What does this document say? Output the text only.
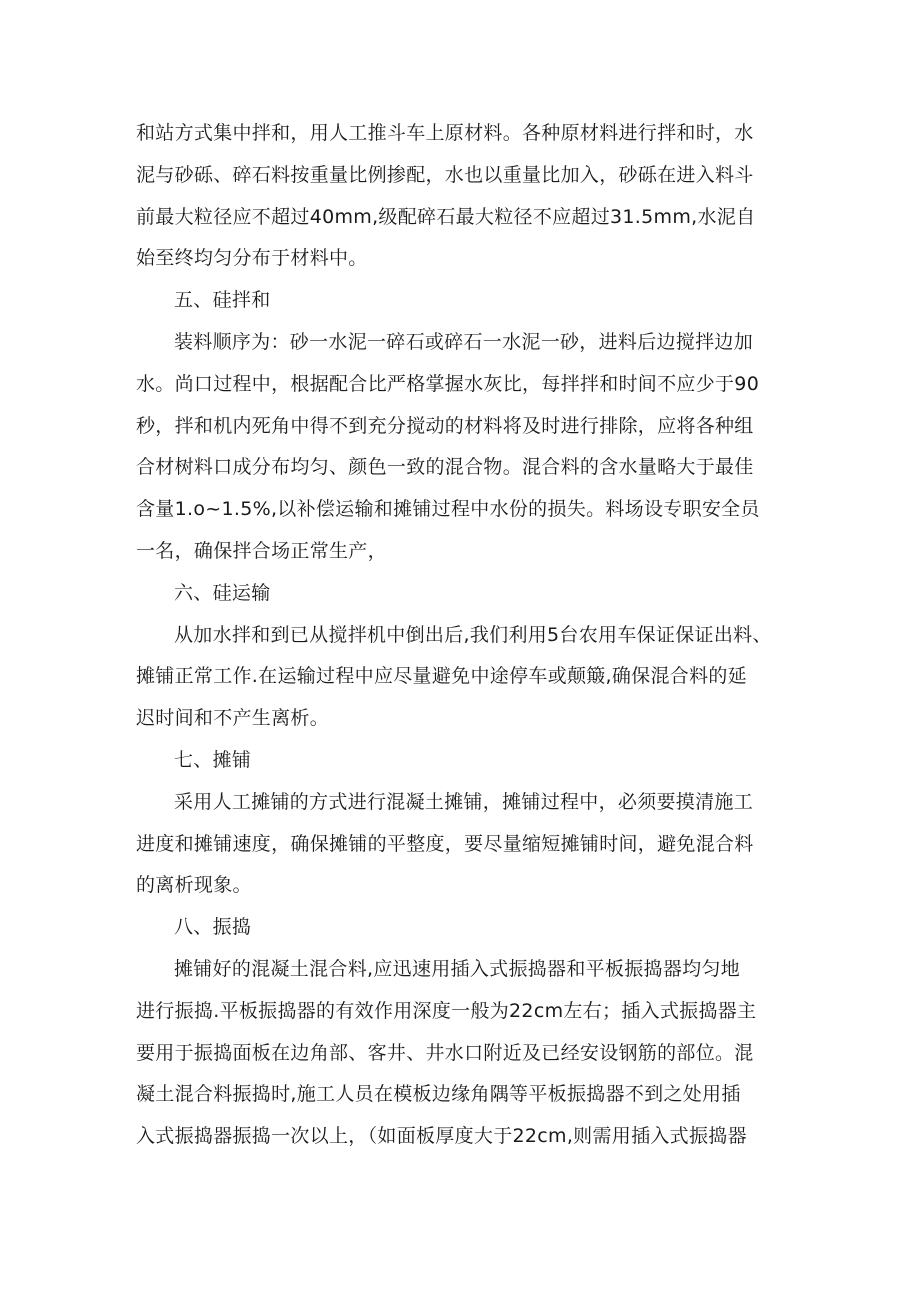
和站方式集中拌和，用人工推斗车上原材料。各种原材料进行拌和时，水
泥与砂砾、碎石料按重量比例掺配，水也以重量比加入，砂砾在进入料斗
前最大粒径应不超过40mm,级配碎石最大粒径不应超过31.5mm,水泥自
始至终均匀分布于材料中。
五、硅拌和
装料顺序为：砂一水泥一碎石或碎石一水泥一砂，进料后边搅拌边加
水。尚口过程中，根据配合比严格掌握水灰比，每拌拌和时间不应少于90
秒，拌和机内死角中得不到充分搅动的材料将及时进行排除，应将各种组
合材树料口成分布均匀、颜色一致的混合物。混合料的含水量略大于最佳
含量1.o~1.5%,以补偿运输和摊铺过程中水份的损失。料场设专职安全员
一名，确保拌合场正常生产，
六、硅运输
从加水拌和到已从搅拌机中倒出后,我们利用5台农用车保证保证出料、
摊铺正常工作.在运输过程中应尽量避免中途停车或颠簸,确保混合料的延
迟时间和不产生离析。
七、摊铺
采用人工摊铺的方式进行混凝土摊铺，摊铺过程中，必须要摸清施工
进度和摊铺速度，确保摊铺的平整度，要尽量缩短摊铺时间，避免混合料
的离析现象。
八、振捣
摊铺好的混凝土混合料,应迅速用插入式振捣器和平板振捣器均匀地
进行振捣.平板振捣器的有效作用深度一般为22cm左右；插入式振捣器主
要用于振捣面板在边角部、客井、井水口附近及已经安设钢筋的部位。混
凝土混合料振捣时,施工人员在模板边缘角隅等平板振捣器不到之处用插
入式振捣器振捣一次以上，（如面板厚度大于22cm,则需用插入式振捣器
